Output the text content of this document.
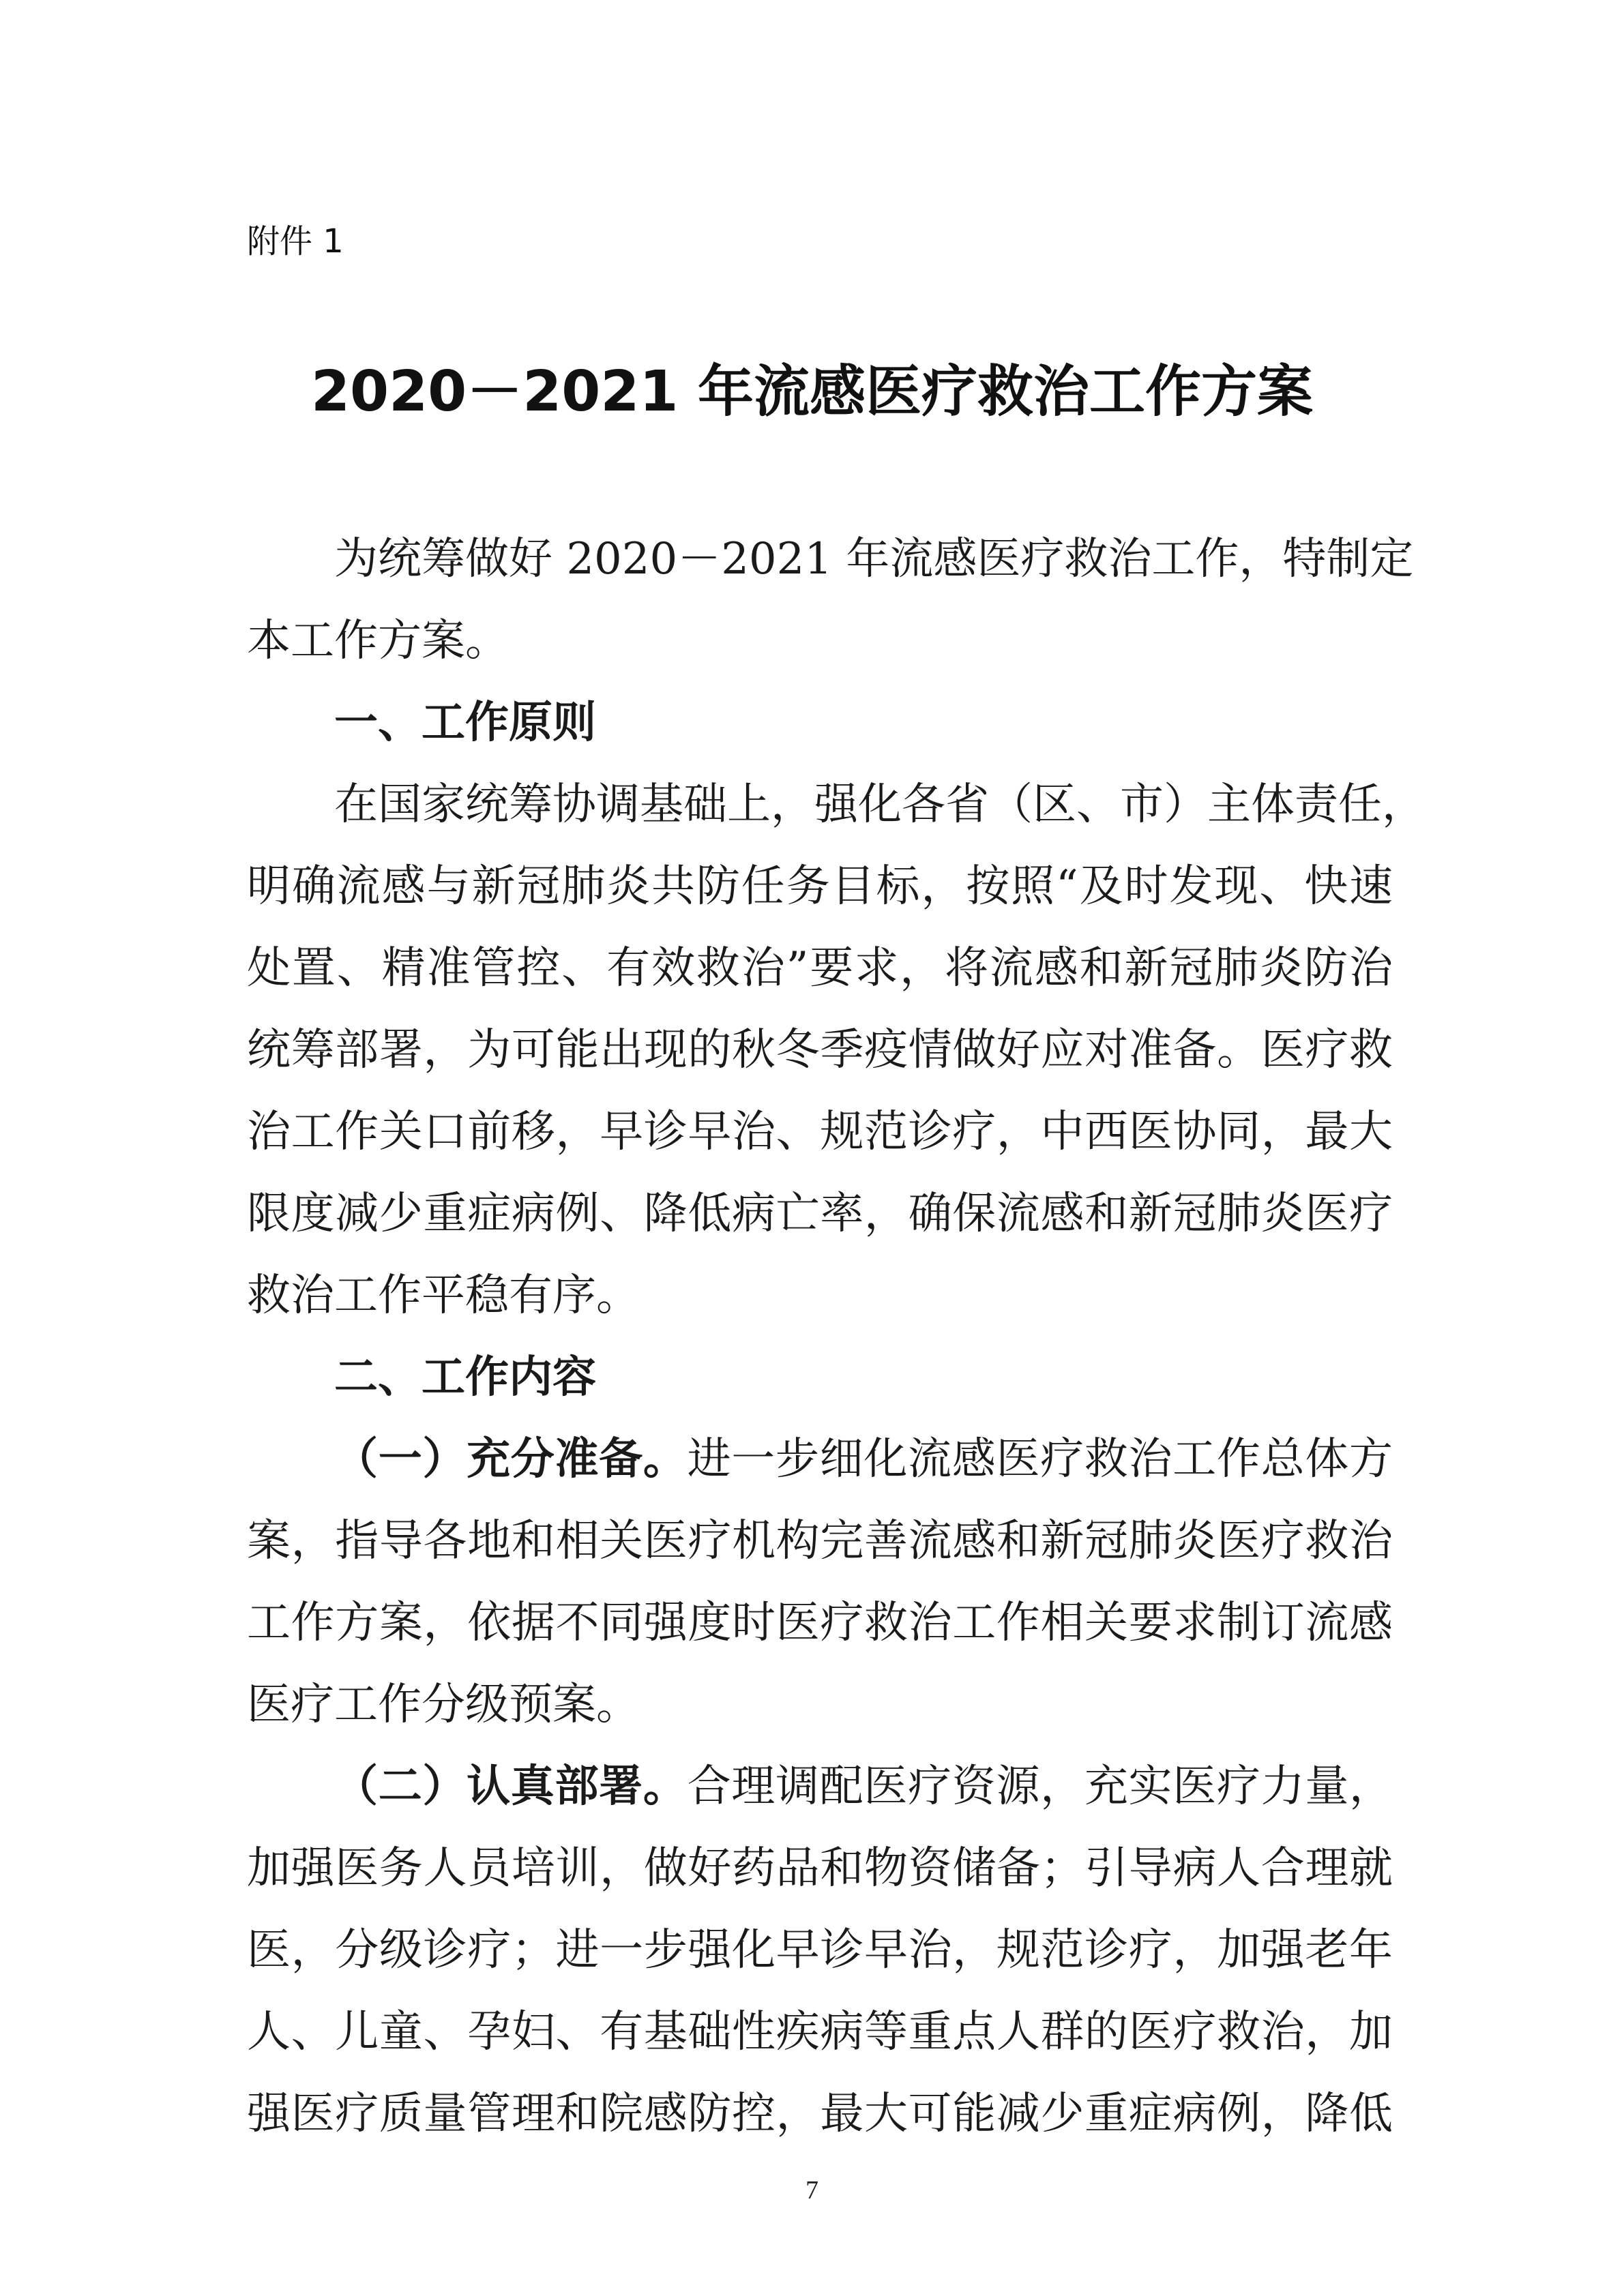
附件 1
2020－2021 年流感医疗救治工作方案
为统筹做好 2020－2021 年流感医疗救治工作，特制定
本工作方案。
一、工作原则
在国家统筹协调基础上，强化各省（区、市）主体责任，
明确流感与新冠肺炎共防任务目标，按照“及时发现、快速
处置、精准管控、有效救治”要求，将流感和新冠肺炎防治
统筹部署，为可能出现的秋冬季疫情做好应对准备。医疗救
治工作关口前移，早诊早治、规范诊疗，中西医协同，最大
限度减少重症病例、降低病亡率，确保流感和新冠肺炎医疗
救治工作平稳有序。
二、工作内容
（一）充分准备。进一步细化流感医疗救治工作总体方
案，指导各地和相关医疗机构完善流感和新冠肺炎医疗救治
工作方案，依据不同强度时医疗救治工作相关要求制订流感
医疗工作分级预案。
（二）认真部署。合理调配医疗资源，充实医疗力量，
加强医务人员培训，做好药品和物资储备；引导病人合理就
医，分级诊疗；进一步强化早诊早治，规范诊疗，加强老年
人、儿童、孕妇、有基础性疾病等重点人群的医疗救治，加
强医疗质量管理和院感防控，最大可能减少重症病例，降低
7
